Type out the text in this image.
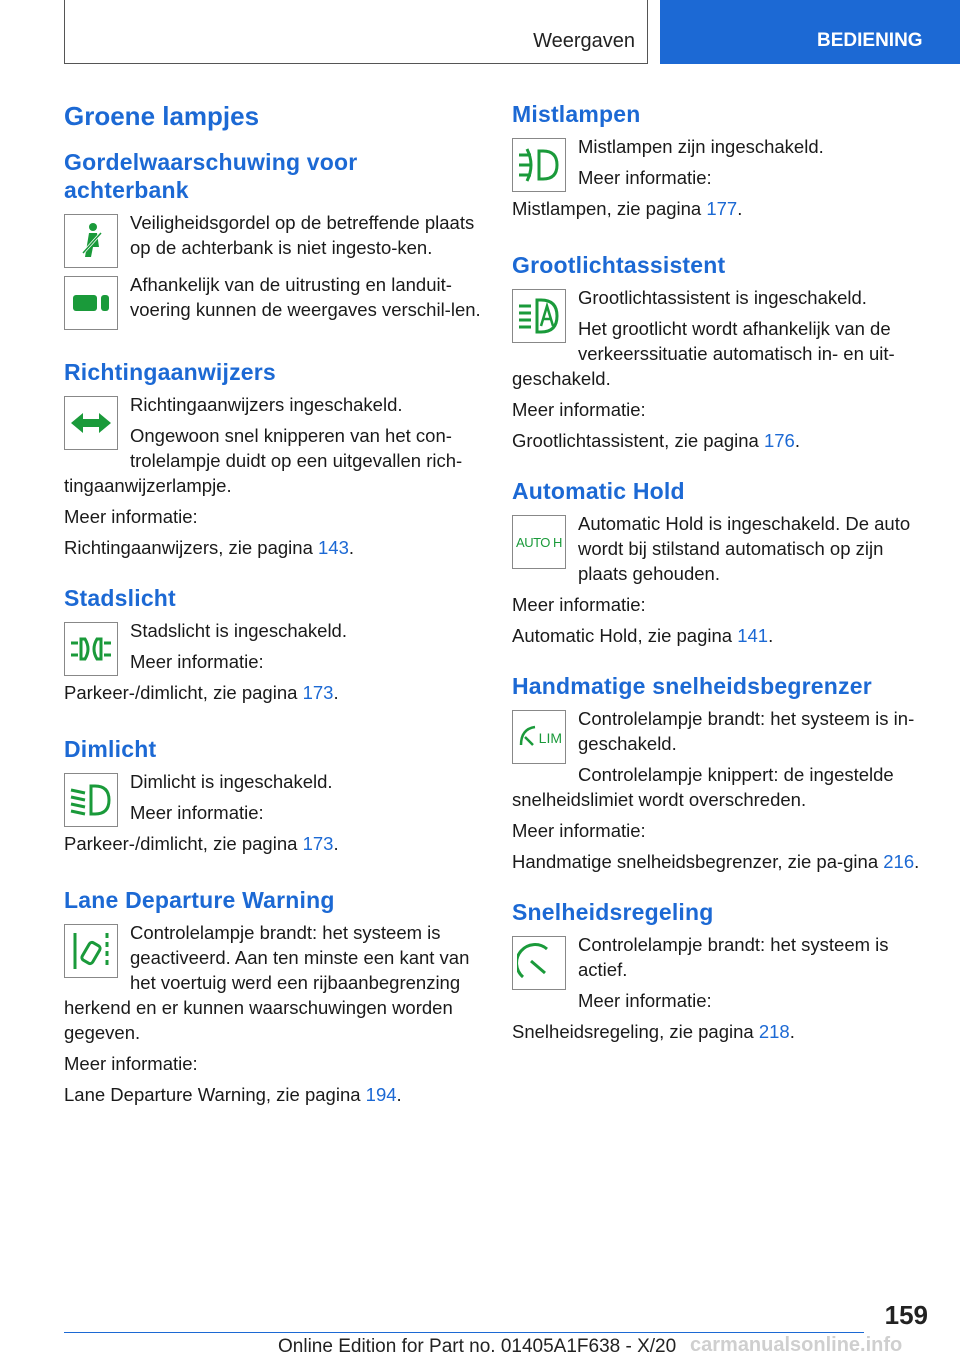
Weergaven	BEDIENING
Groene lampjes
Gordelwaarschuwing voor achterbank

Veiligheidsgordel op de betreffende plaats op de achterbank is niet ingesto-ken.

Afhankelijk van de uitrusting en landuit-voering kunnen de weergaves verschil-len.

Richtingaanwijzers

Richtingaanwijzers ingeschakeld.

Ongewoon snel knipperen van het con-trolelampje duidt op een uitgevallen rich-tingaanwijzerlampje.

Meer informatie:

Richtingaanwijzers, zie pagina 143.

Stadslicht

Stadslicht is ingeschakeld.

Meer informatie:

Parkeer-/dimlicht, zie pagina 173.

Dimlicht

Dimlicht is ingeschakeld.

Meer informatie:

Parkeer-/dimlicht, zie pagina 173.

Lane Departure Warning

Controlelampje brandt: het systeem is geactiveerd. Aan ten minste een kant van het voertuig werd een rijbaanbegrenzing herkend en er kunnen waarschuwingen worden gegeven.

Meer informatie:

Lane Departure Warning, zie pagina 194.

Mistlampen

Mistlampen zijn ingeschakeld.

Meer informatie:

Mistlampen, zie pagina 177.

Grootlichtassistent

Grootlichtassistent is ingeschakeld.

Het grootlicht wordt afhankelijk van de verkeerssituatie automatisch in- en uit-geschakeld.

Meer informatie:

Grootlichtassistent, zie pagina 176.

Automatic Hold
AUTO H

Automatic Hold is ingeschakeld. De auto wordt bij stilstand automatisch op zijn plaats gehouden.

Meer informatie:

Automatic Hold, zie pagina 141.

Handmatige snelheidsbegrenzer
LIM

Controlelampje brandt: het systeem is in-geschakeld.

Controlelampje knippert: de ingestelde snelheidslimiet wordt overschreden.

Meer informatie:

Handmatige snelheidsbegrenzer, zie pa-gina 216.

Snelheidsregeling

Controlelampje brandt: het systeem is actief.

Meer informatie:

Snelheidsregeling, zie pagina 218.

159
Online Edition for Part no. 01405A1F638 - X/20 carmanualsonline.info
